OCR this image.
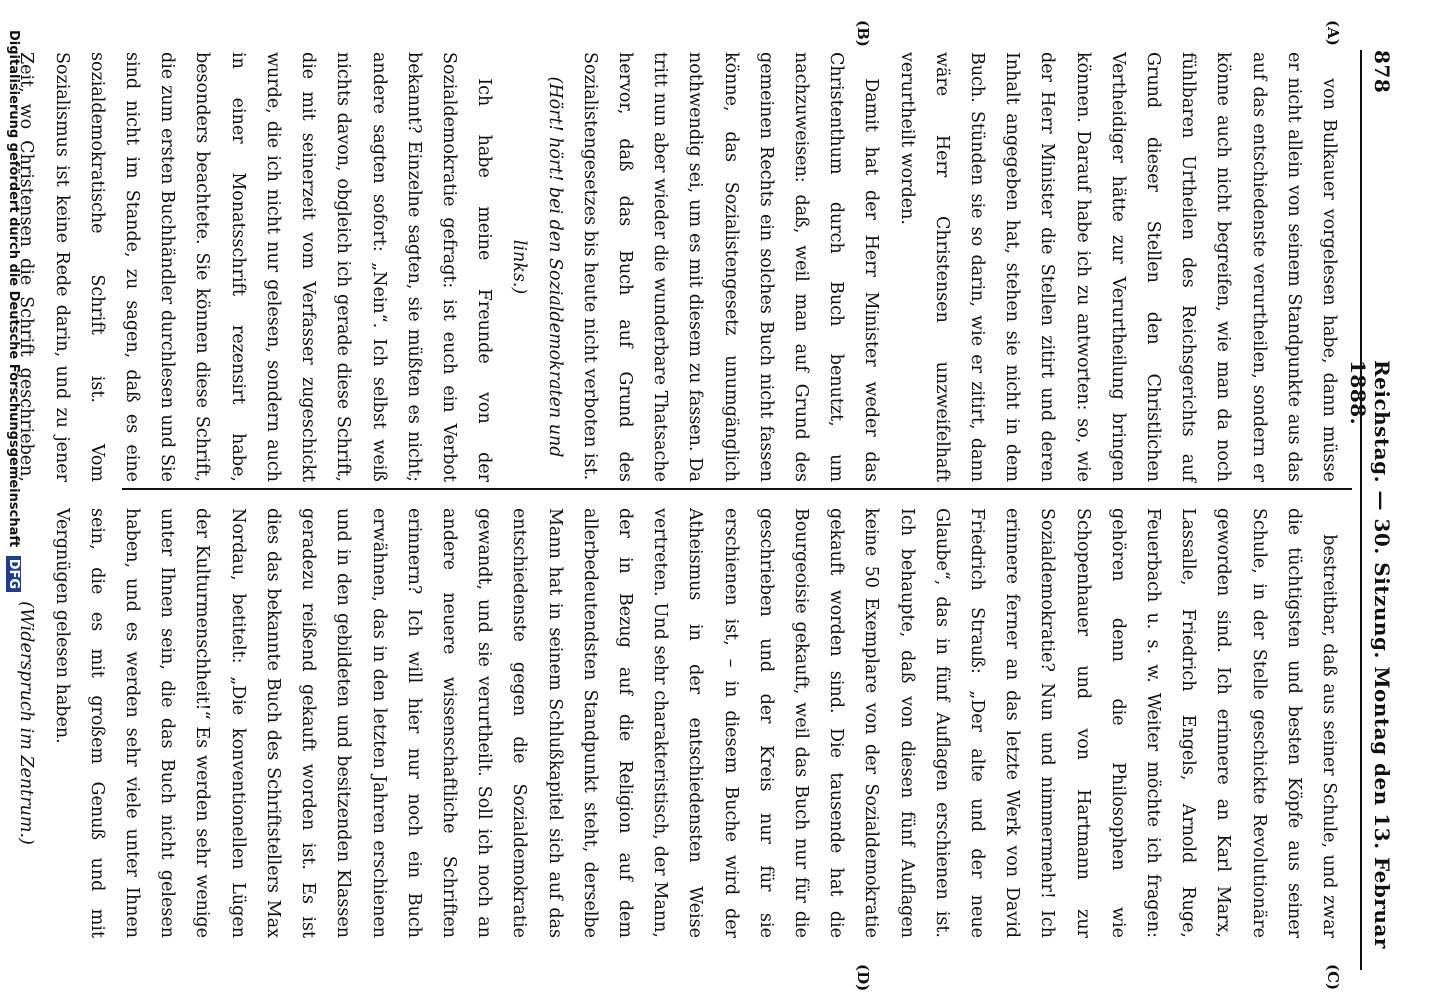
878
Reichstag. — 30. Sitzung. Montag den 13. Februar 1888.
(A)
(B)
(C)
(D)

von Bulkauer vorgelesen habe, dann müsse er nicht allein von seinem Standpunkte aus das auf das entschiedenste verurtheilen, sondern er könne auch nicht begreifen, wie man da noch fühlbaren Urtheilen des Reichsgerichts auf Grund dieser Stellen den Christlichen Vertheidiger hätte zur Verurtheilung bringen können. Darauf habe ich zu antworten: so, wie der Herr Minister die Stellen zitirt und deren Inhalt angegeben hat, stehen sie nicht in dem Buch. Stünden sie so darin, wie er zitirt, dann wäre Herr Christensen unzweifelhaft verurtheilt worden.

Damit hat der Herr Minister weder das Christenthum durch Buch benutzt, um nachzuweisen: daß, weil man auf Grund des gemeinen Rechts ein solches Buch nicht fassen könne, das Sozialistengesetz unumgänglich nothwendig sei, um es mit diesem zu fassen. Da tritt nun aber wieder die wunderbare Thatsache hervor, daß das Buch auf Grund des Sozialistengesetzes bis heute nicht verboten ist.

(Hört! hört! bei den Sozialdemokraten und links.)

Ich habe meine Freunde von der Sozialdemokratie gefragt: ist euch ein Verbot bekannt? Einzelne sagten, sie müßten es nicht; andere sagten sofort: „Nein“. Ich selbst weiß nichts davon, obgleich ich gerade diese Schrift, die mit seinerzeit vom Verfasser zugeschickt wurde, die ich nicht nur gelesen, sondern auch in einer Monatsschrift rezensirt habe, besonders beachtete. Sie können diese Schrift, die zum ersten Buchhändler durchlesen und Sie sind nicht im Stande, zu sagen, daß es eine sozialdemokratische Schrift ist. Vom Sozialismus ist keine Rede darin, und zu jener Zeit, wo Christensen die Schrift geschrieben,

bestreitbar, daß aus seiner Schule, und zwar die tüchtigsten und besten Köpfe aus seiner Schule, in der Stelle geschickte Revolutionäre geworden sind. Ich erinnere an Karl Marx, Lassalle, Friedrich Engels, Arnold Ruge, Feuerbach u. s. w. Weiter möchte ich fragen: gehören denn die Philosophen wie Schopenhauer und von Hartmann zur Sozialdemokratie? Nun und nimmermehr! Ich erinnere ferner an das letzte Werk von David Friedrich Strauß: „Der alte und der neue Glaube“, das in fünf Auflagen erschienen ist. Ich behaupte, daß von diesen fünf Auflagen keine 50 Exemplare von der Sozialdemokratie gekauft worden sind. Die tausende hat die Bourgeoisie gekauft, weil das Buch nur für die geschrieben und der Kreis nur für sie erschienen ist, – in diesem Buche wird der Atheismus in der entschiedensten Weise vertreten. Und sehr charakteristisch, der Mann, der in Bezug auf die Religion auf dem allerbedeutendsten Standpunkt steht, derselbe Mann hat in seinem Schlußkapitel sich auf das entschiedenste gegen die Sozialdemokratie gewandt, und sie verurtheilt. Soll ich noch an andere neuere wissenschaftliche Schriften erinnern? Ich will hier nur noch ein Buch erwähnen, das in den letzten Jahren erschienen und in den gebildeten und besitzenden Klassen geradezu reißend gekauft worden ist. Es ist dies das bekannte Buch des Schriftstellers Max Nordau, betitelt: „Die konventionellen Lügen der Kulturmenschheit!“ Es werden sehr wenige unter Ihnen sein, die das Buch nicht gelesen haben, und es werden sehr viele unter Ihnen sein, die es mit großem Genuß und mit Vergnügen gelesen haben.

(Widerspruch im Zentrum.)

Digitalisierung gefördert durch die Deutsche Forschungsgemeinschaft DFG
